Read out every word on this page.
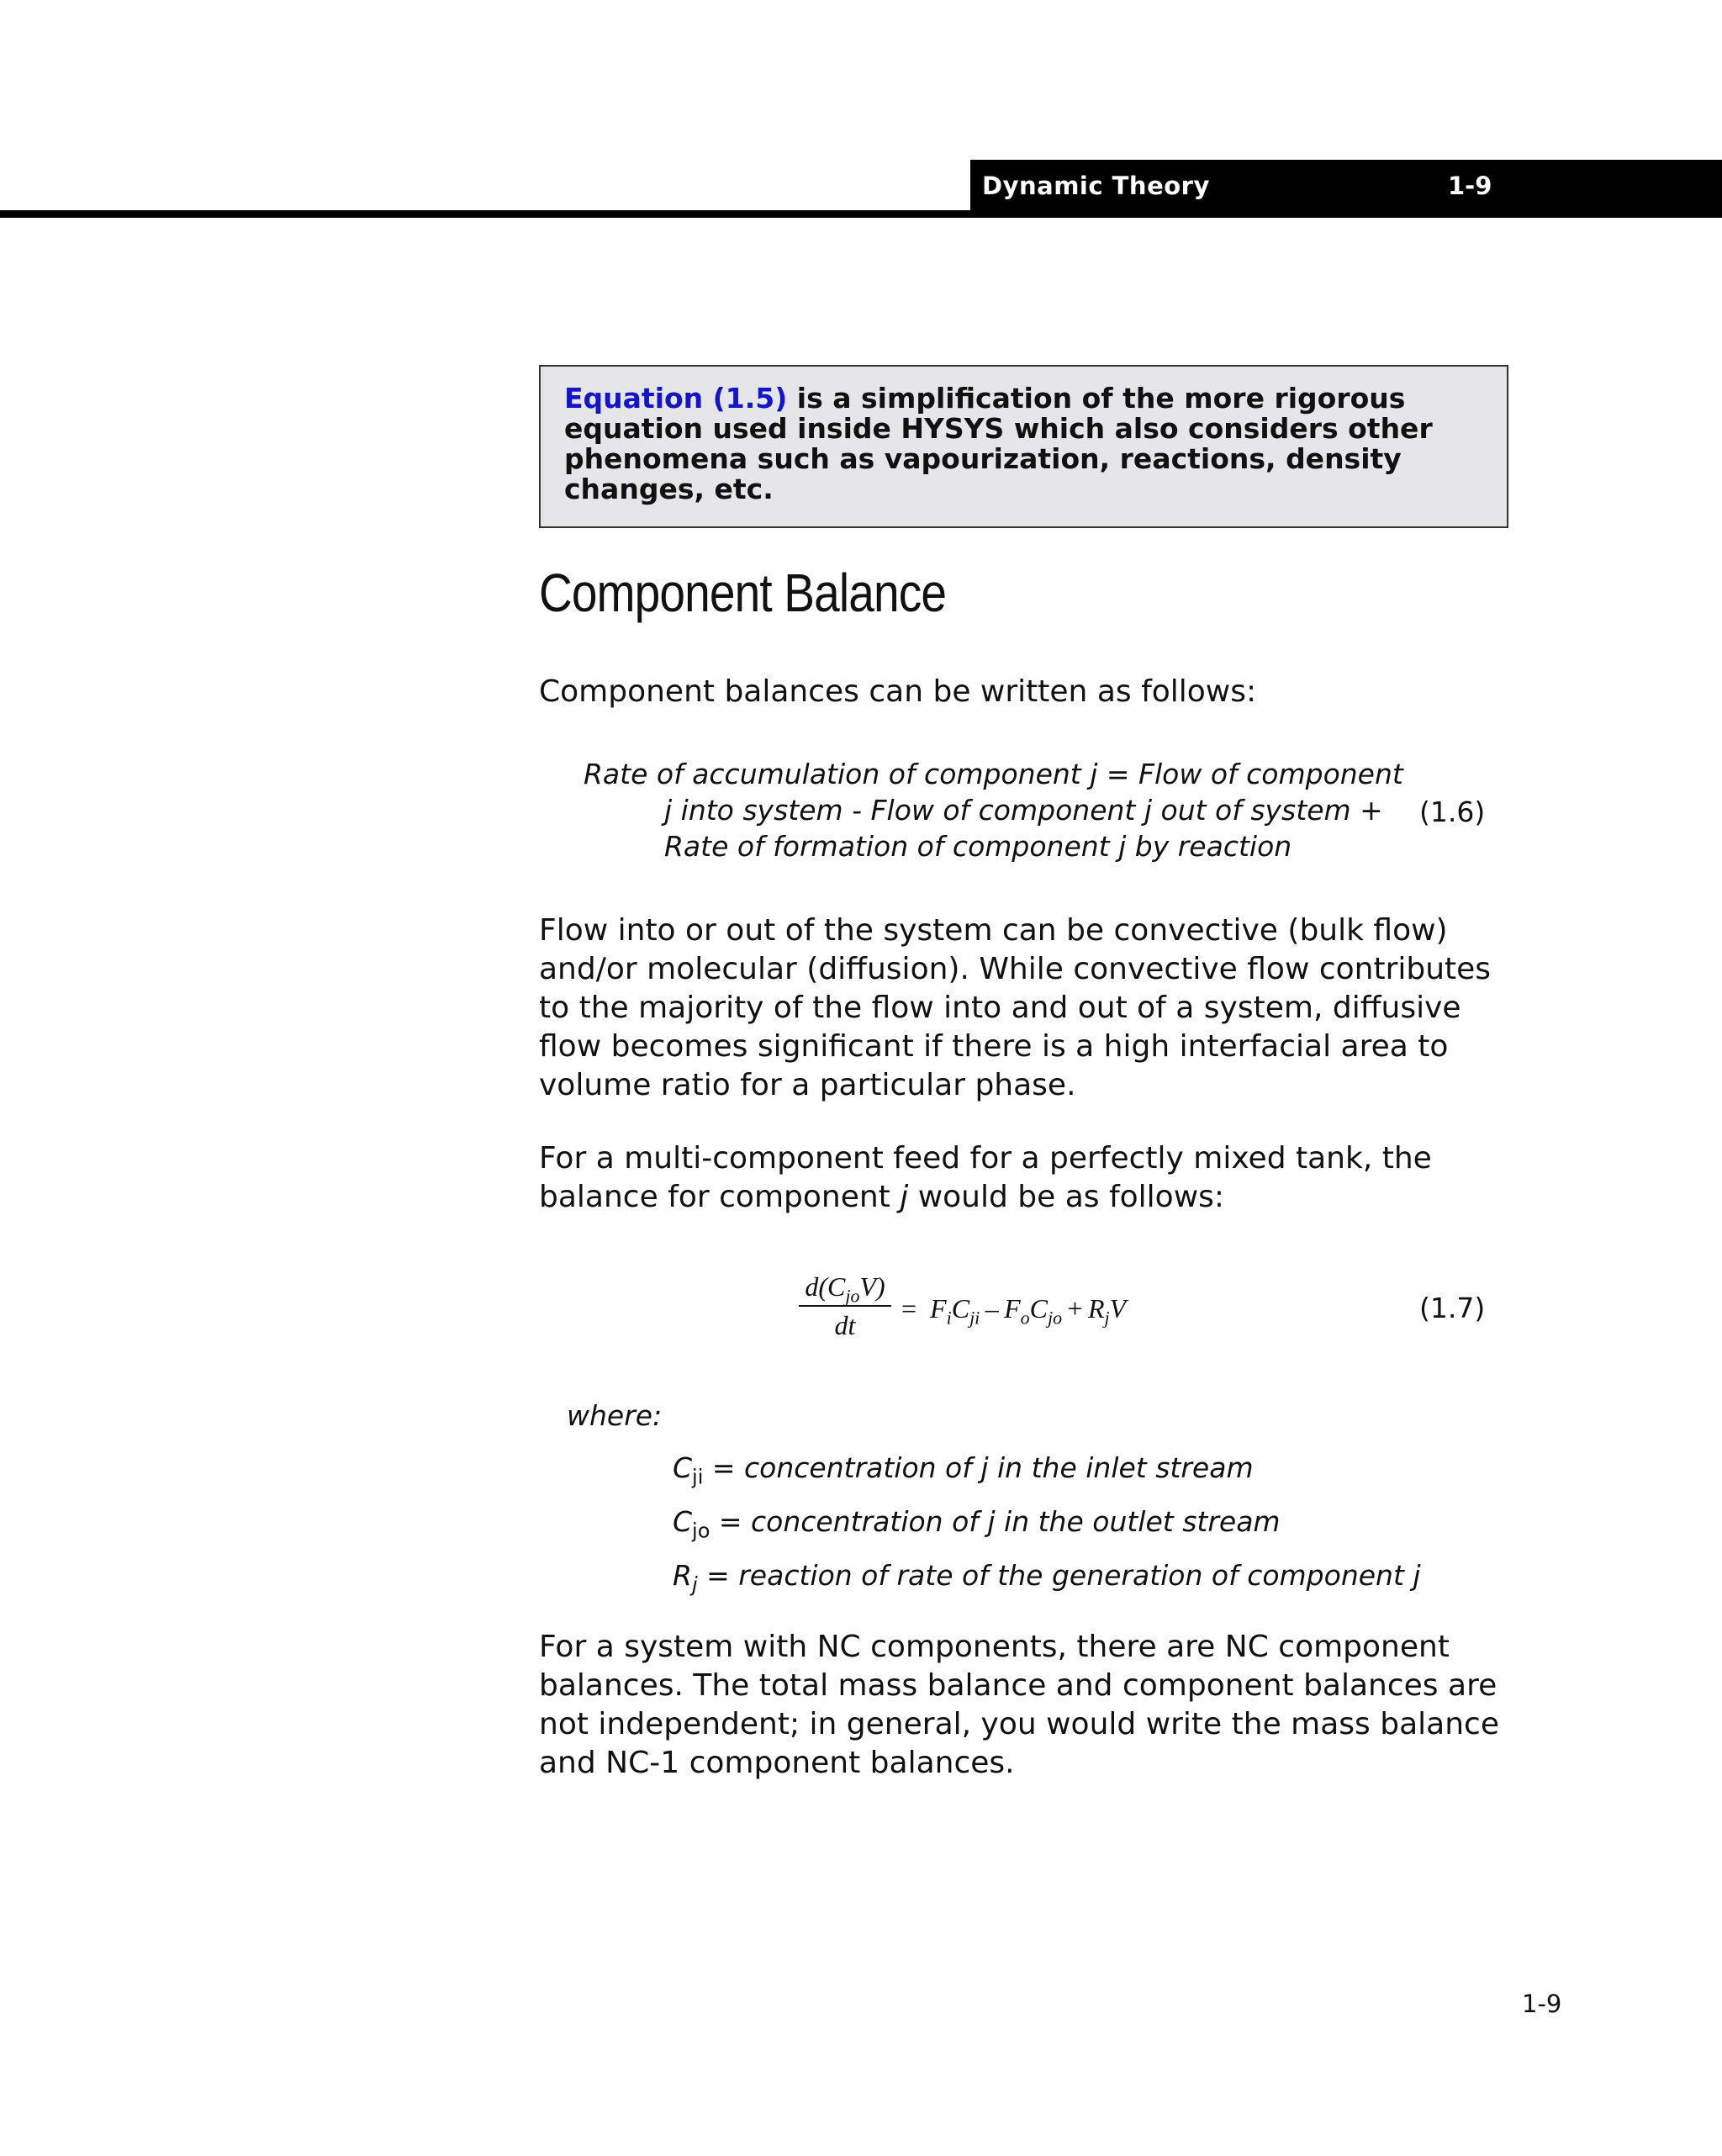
Dynamic Theory	1-9

Equation (1.5) is a simplification of the more rigorous equation used inside HYSYS which also considers other phenomena such as vapourization, reactions, density changes, etc.

Component Balance

Component balances can be written as follows:

Rate of accumulation of component j = Flow of component
j into system - Flow of component j out of system +
Rate of formation of component j by reaction
(1.6)

Flow into or out of the system can be convective (bulk flow) and/or molecular (diffusion). While convective flow contributes to the majority of the flow into and out of a system, diffusive flow becomes significant if there is a high interfacial area to volume ratio for a particular phase.

For a multi-component feed for a perfectly mixed tank, the balance for component j would be as follows:

$d(C_{jo}V)$
dt
=  $F_iC_{ji} - F_oC_{jo} + R_jV$	(1.7)
where:
$C_{ji}$ = concentration of j in the inlet stream
$C_{jo}$ = concentration of j in the outlet stream
$R_j$ = reaction of rate of the generation of component j

For a system with NC components, there are NC component balances. The total mass balance and component balances are not independent; in general, you would write the mass balance and NC-1 component balances.

1-9
